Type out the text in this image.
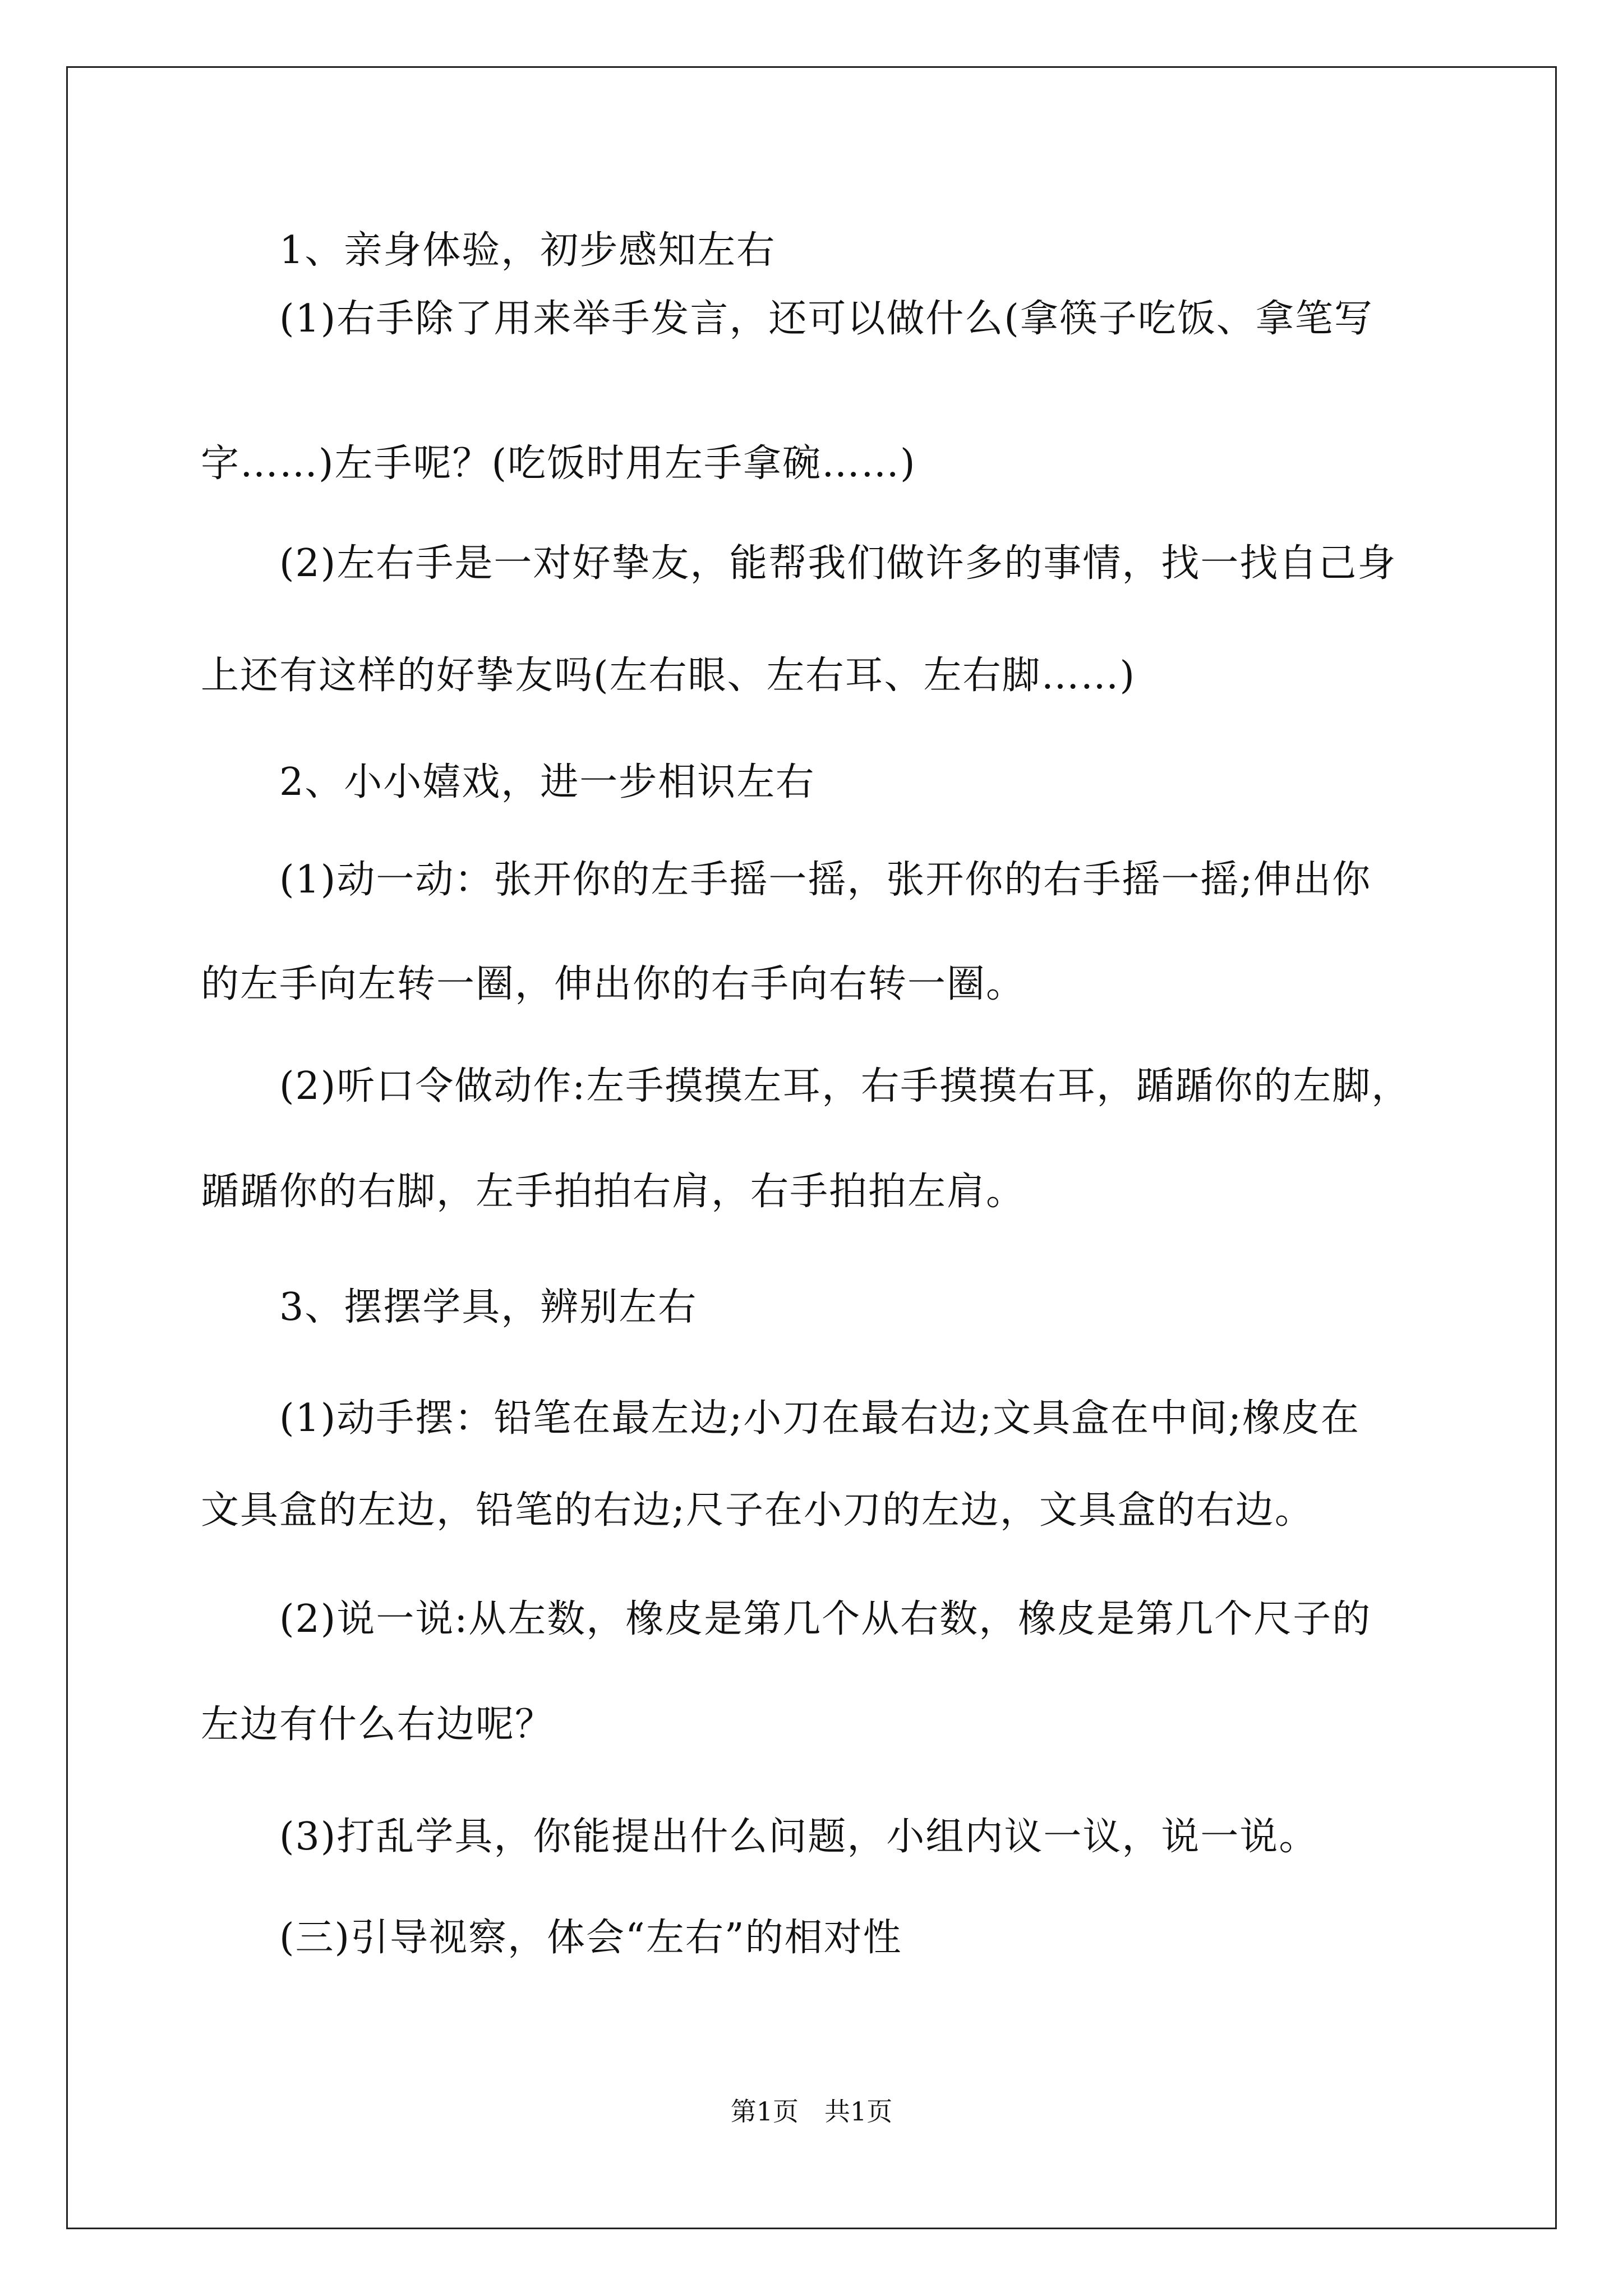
　　1、亲身体验，初步感知左右
　　(1)右手除了用来举手发言，还可以做什么(拿筷子吃饭、拿笔写
字……)左手呢？(吃饭时用左手拿碗……)
　　(2)左右手是一对好挚友，能帮我们做许多的事情，找一找自己身
上还有这样的好挚友吗(左右眼、左右耳、左右脚……)
　　2、小小嬉戏，进一步相识左右
　　(1)动一动：张开你的左手摇一摇，张开你的右手摇一摇;伸出你
的左手向左转一圈，伸出你的右手向右转一圈。
　　(2)听口令做动作:左手摸摸左耳，右手摸摸右耳，踲踲你的左脚，
踲踲你的右脚，左手拍拍右肩，右手拍拍左肩。
　　3、摆摆学具，辨别左右
　　(1)动手摆：铅笔在最左边;小刀在最右边;文具盒在中间;橡皮在
文具盒的左边，铅笔的右边;尺子在小刀的左边，文具盒的右边。
　　(2)说一说:从左数，橡皮是第几个从右数，橡皮是第几个尺子的
左边有什么右边呢？
　　(3)打乱学具，你能提出什么问题，小组内议一议，说一说。
　　(三)引导视察，体会“左右”的相对性
第1页　共1页
